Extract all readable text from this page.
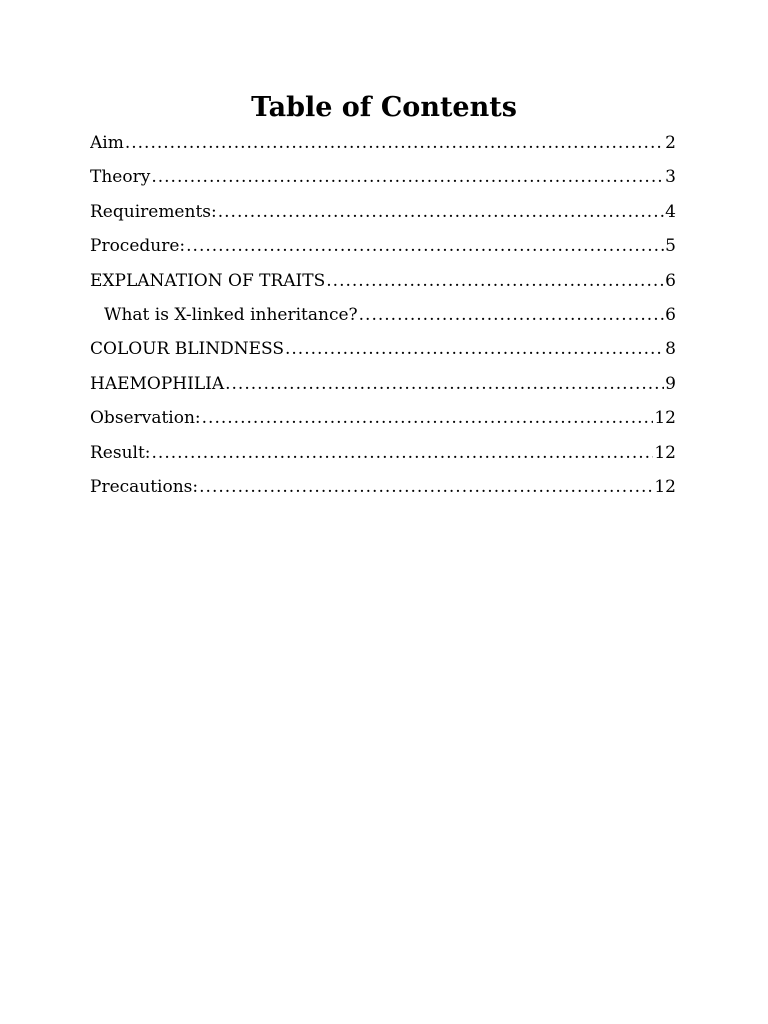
Table of Contents
Aim .....	2
Theory .....	3
Requirements: .....	4
Procedure: .....	5
EXPLANATION OF TRAITS .....	6
What is X-linked inheritance? .....	6
COLOUR BLINDNESS .....	8
HAEMOPHILIA .....	9
Observation: .....	12
Result: .....	12
Precautions: .....	12
